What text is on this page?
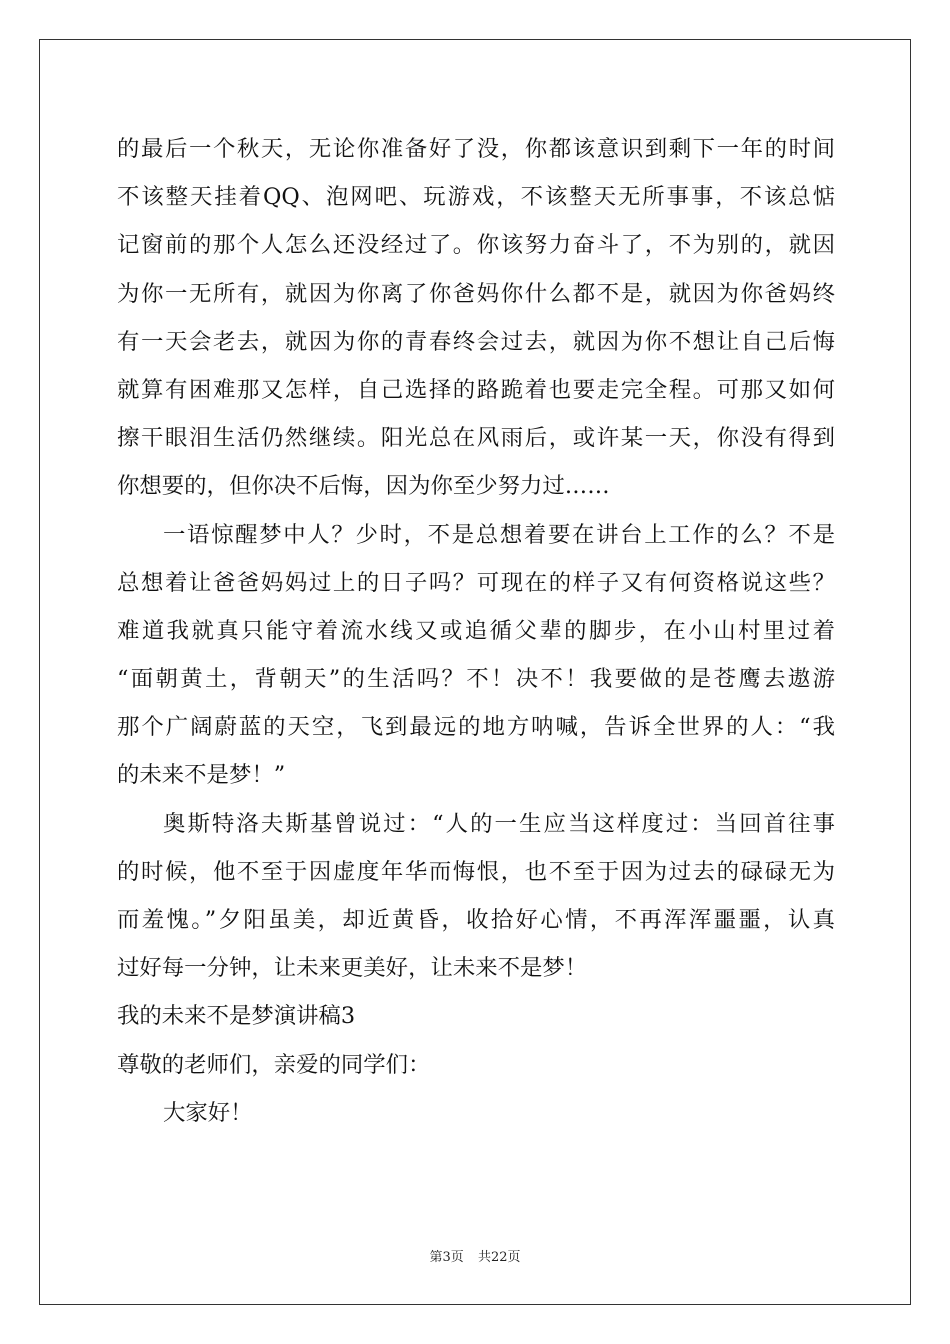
的最后一个秋天，无论你准备好了没，你都该意识到剩下一年的时间
不该整天挂着QQ、泡网吧、玩游戏，不该整天无所事事，不该总惦
记窗前的那个人怎么还没经过了。你该努力奋斗了，不为别的，就因
为你一无所有，就因为你离了你爸妈你什么都不是，就因为你爸妈终
有一天会老去，就因为你的青春终会过去，就因为你不想让自己后悔
就算有困难那又怎样，自己选择的路跪着也要走完全程。可那又如何
擦干眼泪生活仍然继续。阳光总在风雨后，或许某一天，你没有得到
你想要的，但你决不后悔，因为你至少努力过……
一语惊醒梦中人？少时，不是总想着要在讲台上工作的么？不是
总想着让爸爸妈妈过上的日子吗？可现在的样子又有何资格说这些？
难道我就真只能守着流水线又或追循父辈的脚步，在小山村里过着
“面朝黄土，背朝天”的生活吗？不！决不！我要做的是苍鹰去遨游
那个广阔蔚蓝的天空，飞到最远的地方呐喊，告诉全世界的人：“我
的未来不是梦！”
奥斯特洛夫斯基曾说过：“人的一生应当这样度过：当回首往事
的时候，他不至于因虚度年华而悔恨，也不至于因为过去的碌碌无为
而羞愧。”夕阳虽美，却近黄昏，收拾好心情，不再浑浑噩噩，认真
过好每一分钟，让未来更美好，让未来不是梦！
我的未来不是梦演讲稿3
尊敬的老师们，亲爱的同学们：
大家好！
第3页 共22页
